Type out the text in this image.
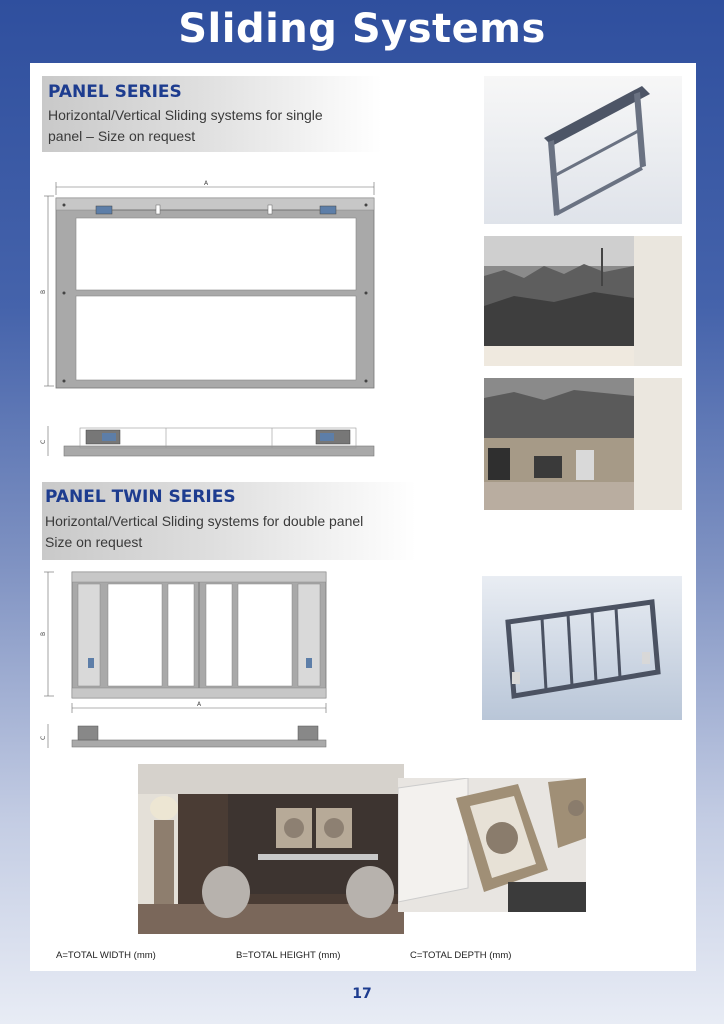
Sliding Systems
PANEL SERIES
Horizontal/Vertical Sliding systems for single
panel – Size on request
A
B
C
PANEL TWIN SERIES
Horizontal/Vertical Sliding systems for double panel
Size on request
B
A
C
A=TOTAL WIDTH (mm)	B=TOTAL HEIGHT (mm)	C=TOTAL DEPTH (mm)
17
